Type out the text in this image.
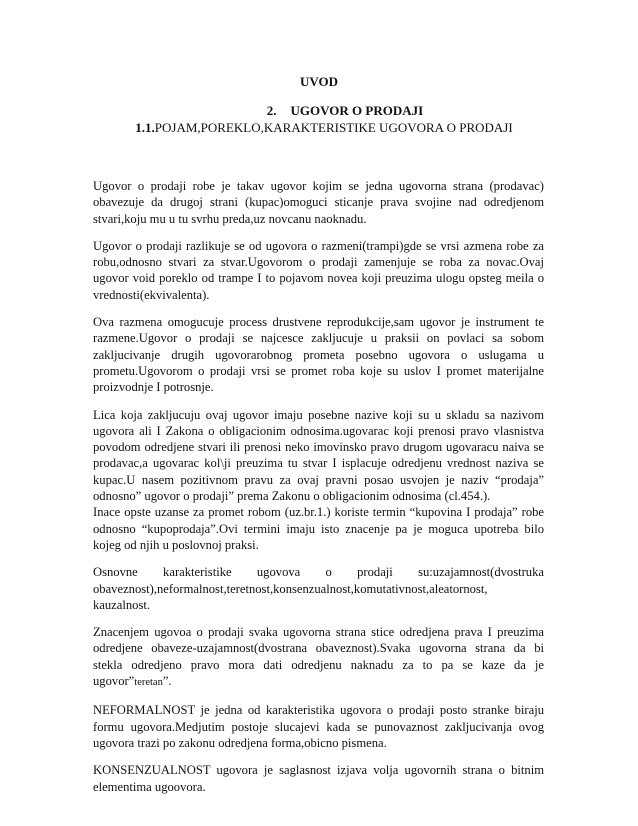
UVOD
2. UGOVOR O PRODAJI
1.1.POJAM,POREKLO,KARAKTERISTIKE UGOVORA O PRODAJI

Ugovor o prodaji robe je takav ugovor kojim se jedna ugovorna strana (prodavac) obavezuje da drugoj strani (kupac)omoguci sticanje prava svojine nad odredjenom stvari,koju mu u tu svrhu preda,uz novcanu naoknadu.

Ugovor o prodaji razlikuje se od ugovora o razmeni(trampi)gde se vrsi azmena robe za robu,odnosno stvari za stvar.Ugovorom o prodaji zamenjuje se roba za novac.Ovaj ugovor void poreklo od trampe I to pojavom novea koji preuzima ulogu opsteg meila o vrednosti(ekvivalenta).

Ova razmena omogucuje process drustvene reprodukcije,sam ugovor je instrument te razmene.Ugovor o prodaji se najcesce zakljucuje u praksii on povlaci sa sobom zakljucivanje drugih ugovorarobnog prometa posebno ugovora o uslugama u prometu.Ugovorom o prodaji vrsi se promet roba koje su uslov I promet materijalne proizvodnje I potrosnje.

Lica koja zakljucuju ovaj ugovor imaju posebne nazive koji su u skladu sa nazivom ugovora ali I Zakona o obligacionim odnosima.ugovarac koji prenosi pravo vlasnistva povodom odredjene stvari ili prenosi neko imovinsko pravo drugom ugovaracu naiva se prodavac,a ugovarac kol\ji preuzima tu stvar I isplacuje odredjenu vrednost naziva se kupac.U nasem pozitivnom pravu za ovaj pravni posao usvojen je naziv “prodaja” odnosno” ugovor o prodaji” prema Zakonu o obligacionim odnosima (cl.454.).

Inace opste uzanse za promet robom (uz.br.1.) koriste termin “kupovina I prodaja” robe odnosno “kupoprodaja”.Ovi termini imaju isto znacenje pa je moguca upotreba bilo kojeg od njih u poslovnoj praksi.

Osnovne karakteristike ugovova o prodaji su:uzajamnost(dvostruka
obaveznost),neformalnost,teretnost,konsenzualnost,komutativnost,aleatornost, kauzalnost.

Znacenjem ugovoa o prodaji svaka ugovorna strana stice odredjena prava I preuzima odredjene obaveze-uzajamnost(dvostrana obaveznost).Svaka ugovorna strana da bi stekla odredjeno pravo mora dati odredjenu naknadu za to pa se kaze da je ugovor”teretan”.

NEFORMALNOST je jedna od karakteristika ugovora o prodaji posto stranke biraju formu ugovora.Medjutim postoje slucajevi kada se punovaznost zakljucivanja ovog ugovora trazi po zakonu odredjena forma,obicno pismena.

KONSENZUALNOST ugovora je saglasnost izjava volja ugovornih strana o bitnim elementima ugoovora.
